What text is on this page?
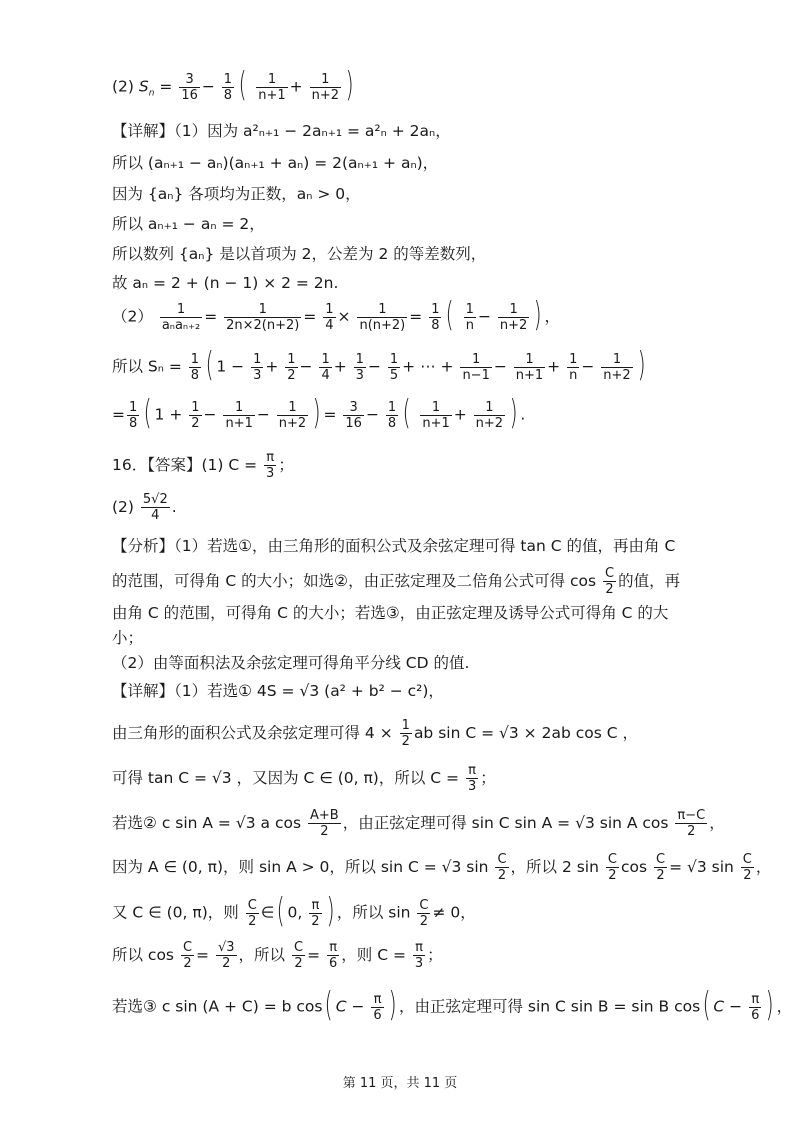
(2) $S_n = \frac{3}{16} - \frac{1}{8}$ ( $\frac{1}{n+1} + \frac{1}{n+2}$ )
【详解】（1）因为 a²ₙ₊₁ − 2aₙ₊₁ = a²ₙ + 2aₙ，
所以 (aₙ₊₁ − aₙ)(aₙ₊₁ + aₙ) = 2(aₙ₊₁ + aₙ)，
因为 {aₙ} 各项均为正数，aₙ > 0，
所以 aₙ₊₁ − aₙ = 2，
所以数列 {aₙ} 是以首项为 2，公差为 2 的等差数列，
故 aₙ = 2 + (n − 1) × 2 = 2n.
$(2) \frac{1}{\text{aₙaₙ₊₂}} = \frac{1}{2n\times 2(n+2)} = \frac{1}{4} \times \frac{1}{n(n+2)} = \frac{1}{8}$ ( $\frac{1}{n} - \frac{1}{n+2}$ ) ，
所以 $S_n = \frac{1}{8}$ ( $1 - \frac{1}{3} + \frac{1}{2} - \frac{1}{4} + \frac{1}{3} - \frac{1}{5}$ + ⋯ + $\frac{1}{n-1} - \frac{1}{n+1} + \frac{1}{n} - \frac{1}{n+2}$ )
= $\frac{1}{8}$ ( $1 + \frac{1}{2} - \frac{1}{n+1} - \frac{1}{n+2}$ ) = $\frac{3}{16} - \frac{1}{8}$ ( $\frac{1}{n+1} + \frac{1}{n+2}$ ) .
16．【答案】(1) $C = \frac{\pi}{3}$ ；
$(2) \frac{5√2}{4}$ .
【分析】（1）若选①，由三角形的面积公式及余弦定理可得 tan C 的值，再由角 C
的范围，可得角 C 的大小；如选②，由正弦定理及二倍角公式可得 $\cos \frac{C}{2}$ 的值，再
由角 C 的范围，可得角 C 的大小；若选③，由正弦定理及诱导公式可得角 C 的大
小；
（2）由等面积法及余弦定理可得角平分线 CD 的值.
【详解】（1）若选① 4S = √3 (a² + b² − c²)，
由三角形的面积公式及余弦定理可得 $4 \times \frac{1}{2}$ ab sin C = √3 × 2ab cos C ，
可得 tan C = √3 ，又因为 C ∈ (0, π)，所以 $C = \frac{\pi}{3}$ ；
若选② c sin A = √3 a $\cos \frac{A+B}{2}$ ，由正弦定理可得 sin C sin A = √3 sin A $\cos \frac{\pi-C}{2}$ ，
因为 A ∈ (0, π)，则 sin A > 0，所以 sin C = √3 $\sin \frac{C}{2}$ ，所以 2 $\sin \frac{C}{2}$ $\cos \frac{C}{2} = √3$ $\sin \frac{C}{2}$ ，
又 C ∈ (0, π)，则 $\frac{C}{2}$ ∈( 0, $\frac{\pi}{2}$ ) ，所以 $\sin \frac{C}{2} \ne 0$，
所以 $\cos \frac{C}{2} = \frac{√3}{2}$ ，所以 $\frac{C}{2} = \frac{\pi}{6}$ ，则 $C = \frac{\pi}{3}$ ；
若选③ c sin (A + C) = b cos( $C - \frac{\pi}{6}$ ) ，由正弦定理可得 sin C sin B = sin B cos( $C - \frac{\pi}{6}$ ) ，
第 11 页，共 11 页
